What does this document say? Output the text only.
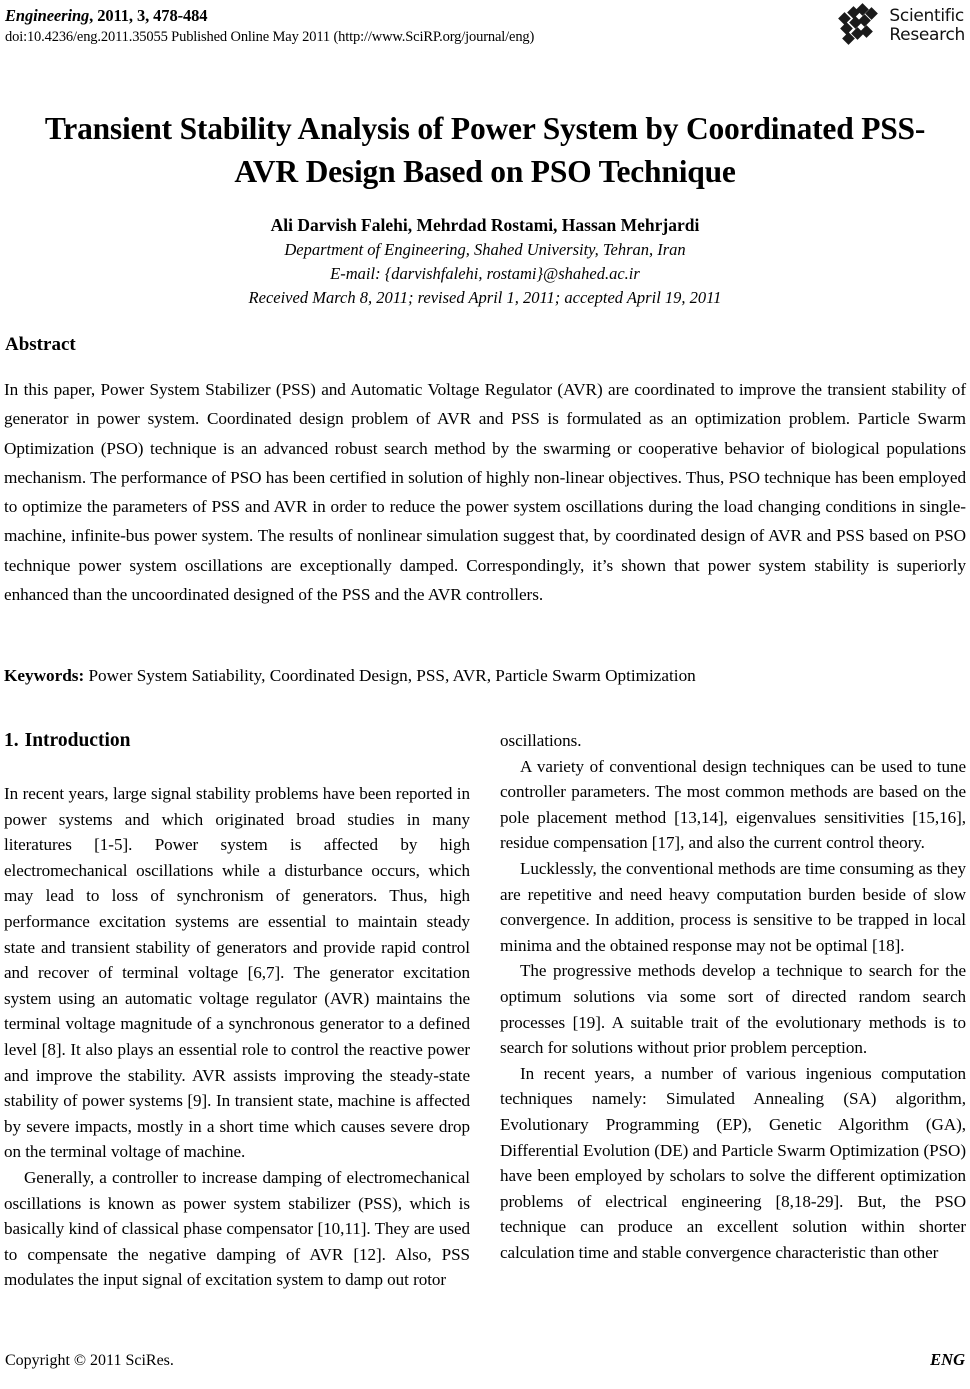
Engineering, 2011, 3, 478-484
doi:10.4236/eng.2011.35055 Published Online May 2011 (http://www.SciRP.org/journal/eng)
Scientific
Research
Transient Stability Analysis of Power System by Coordinated PSS-AVR Design Based on PSO Technique
Ali Darvish Falehi, Mehrdad Rostami, Hassan Mehrjardi
Department of Engineering, Shahed University, Tehran, Iran
E-mail: {darvishfalehi, rostami}@shahed.ac.ir
Received March 8, 2011; revised April 1, 2011; accepted April 19, 2011
Abstract
In this paper, Power System Stabilizer (PSS) and Automatic Voltage Regulator (AVR) are coordinated to improve the transient stability of generator in power system. Coordinated design problem of AVR and PSS is formulated as an optimization problem. Particle Swarm Optimization (PSO) technique is an advanced robust search method by the swarming or cooperative behavior of biological populations mechanism. The performance of PSO has been certified in solution of highly non-linear objectives. Thus, PSO technique has been employed to optimize the parameters of PSS and AVR in order to reduce the power system oscillations during the load changing conditions in single-machine, infinite-bus power system. The results of nonlinear simulation suggest that, by coordinated design of AVR and PSS based on PSO technique power system oscillations are exceptionally damped. Correspondingly, it’s shown that power system stability is superiorly enhanced than the uncoordinated designed of the PSS and the AVR controllers.
Keywords: Power System Satiability, Coordinated Design, PSS, AVR, Particle Swarm Optimization
1. Introduction

In recent years, large signal stability problems have been reported in power systems and which originated broad studies in many literatures [1-5]. Power system is affected by high electromechanical oscillations while a disturbance occurs, which may lead to loss of synchronism of generators. Thus, high performance excitation systems are essential to maintain steady state and transient stability of generators and provide rapid control and recover of terminal voltage [6,7]. The generator excitation system using an automatic voltage regulator (AVR) maintains the terminal voltage magnitude of a synchronous generator to a defined level [8]. It also plays an essential role to control the reactive power and improve the stability. AVR assists improving the steady-state stability of power systems [9]. In transient state, machine is affected by severe impacts, mostly in a short time which causes severe drop on the terminal voltage of machine.

Generally, a controller to increase damping of electromechanical oscillations is known as power system stabilizer (PSS), which is basically kind of classical phase compensator [10,11]. They are used to compensate the negative damping of AVR [12]. Also, PSS modulates the input signal of excitation system to damp out rotor

oscillations.

A variety of conventional design techniques can be used to tune controller parameters. The most common methods are based on the pole placement method [13,14], eigenvalues sensitivities [15,16], residue compensation [17], and also the current control theory.

Lucklessly, the conventional methods are time consuming as they are repetitive and need heavy computation burden beside of slow convergence. In addition, process is sensitive to be trapped in local minima and the obtained response may not be optimal [18].

The progressive methods develop a technique to search for the optimum solutions via some sort of directed random search processes [19]. A suitable trait of the evolutionary methods is to search for solutions without prior problem perception.

In recent years, a number of various ingenious computation techniques namely: Simulated Annealing (SA) algorithm, Evolutionary Programming (EP), Genetic Algorithm (GA), Differential Evolution (DE) and Particle Swarm Optimization (PSO) have been employed by scholars to solve the different optimization problems of electrical engineering [8,18-29]. But, the PSO technique can produce an excellent solution within shorter calculation time and stable convergence characteristic than other

Copyright © 2011 SciRes.	ENG
